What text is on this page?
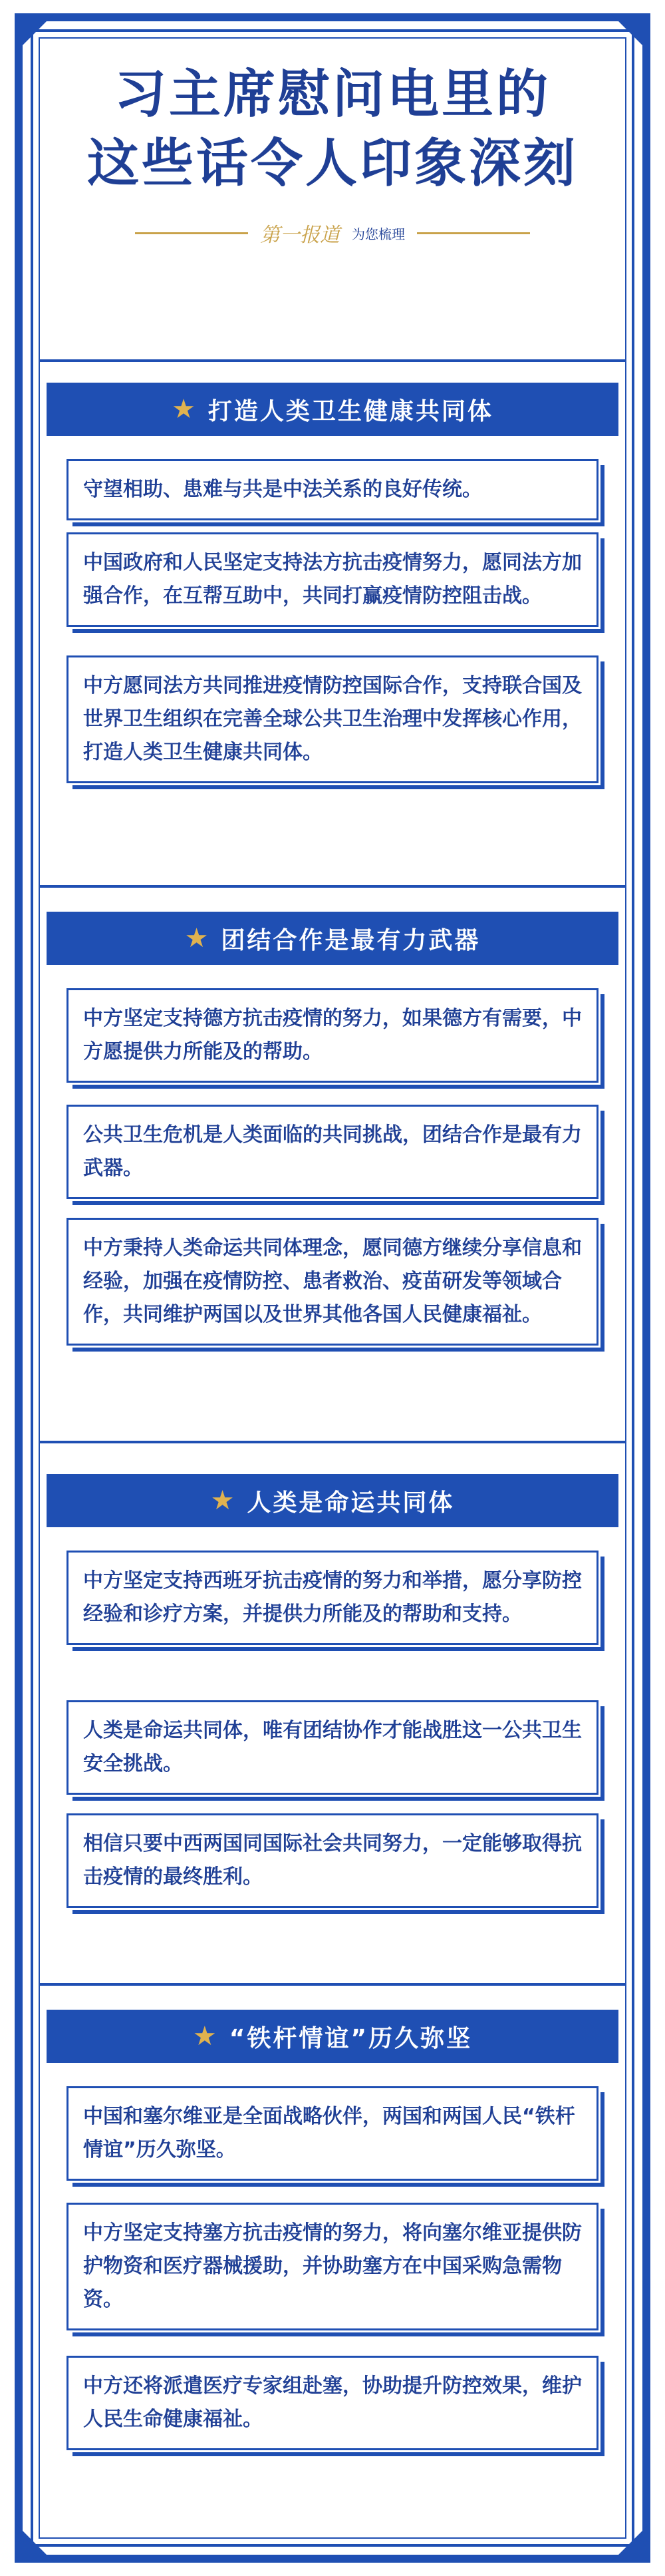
习主席慰问电里的
这些话令人印象深刻
第一报道 为您梳理
★ 打造人类卫生健康共同体
守望相助、患难与共是中法关系的良好传统。
中国政府和人民坚定支持法方抗击疫情努力，愿同法方加强合作，在互帮互助中，共同打赢疫情防控阻击战。
中方愿同法方共同推进疫情防控国际合作，支持联合国及世界卫生组织在完善全球公共卫生治理中发挥核心作用，打造人类卫生健康共同体。
★ 团结合作是最有力武器
中方坚定支持德方抗击疫情的努力，如果德方有需要，中方愿提供力所能及的帮助。
公共卫生危机是人类面临的共同挑战，团结合作是最有力武器。
中方秉持人类命运共同体理念，愿同德方继续分享信息和经验，加强在疫情防控、患者救治、疫苗研发等领域合作，共同维护两国以及世界其他各国人民健康福祉。
★ 人类是命运共同体
中方坚定支持西班牙抗击疫情的努力和举措，愿分享防控经验和诊疗方案，并提供力所能及的帮助和支持。
人类是命运共同体，唯有团结协作才能战胜这一公共卫生安全挑战。
相信只要中西两国同国际社会共同努力，一定能够取得抗击疫情的最终胜利。
★ “铁杆情谊”历久弥坚
中国和塞尔维亚是全面战略伙伴，两国和两国人民“铁杆情谊”历久弥坚。
中方坚定支持塞方抗击疫情的努力，将向塞尔维亚提供防护物资和医疗器械援助，并协助塞方在中国采购急需物资。
中方还将派遣医疗专家组赴塞，协助提升防控效果，维护人民生命健康福祉。
